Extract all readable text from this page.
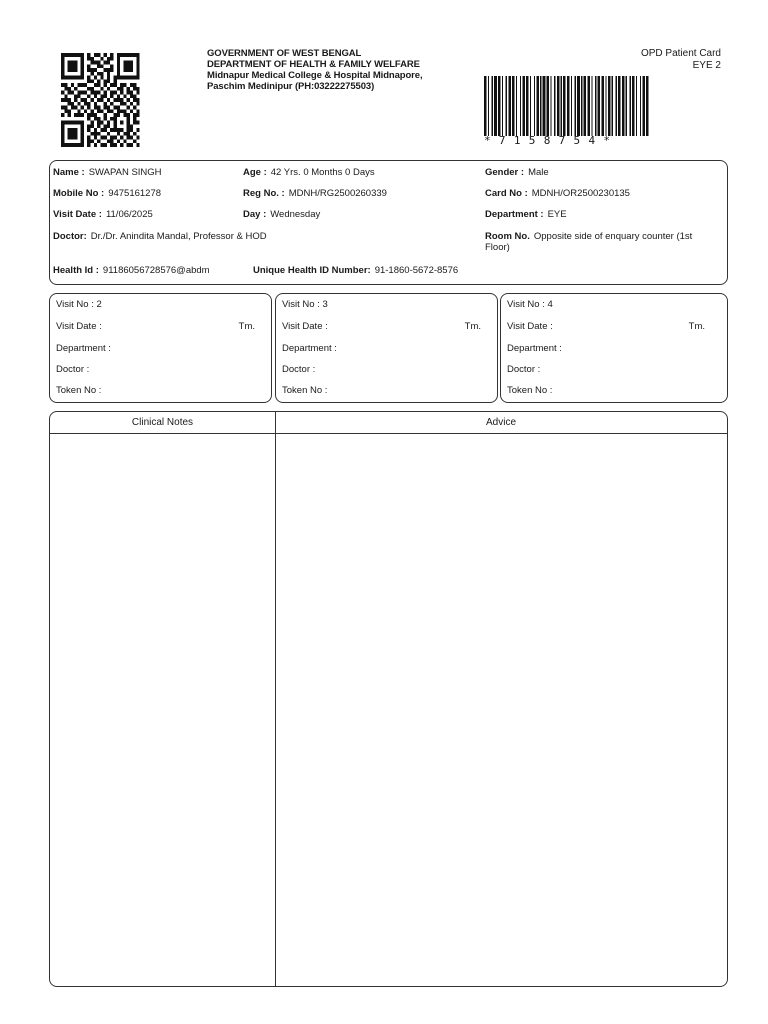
GOVERNMENT OF WEST BENGAL
DEPARTMENT OF HEALTH & FAMILY WELFARE
Midnapur Medical College & Hospital Midnapore,
Paschim Medinipur (PH:03222275503)
OPD Patient Card
EYE 2
*7158754*
Name : SWAPAN SINGH	Age : 42 Yrs. 0 Months 0 Days	Gender : Male
Mobile No : 9475161278	Reg No. : MDNH/RG2500260339	Card No : MDNH/OR2500230135
Visit Date : 11/06/2025	Day : Wednesday	Department : EYE
Doctor: Dr./Dr. Anindita Mandal, Professor & HOD	Room No. Opposite side of enquary counter (1st Floor)
Health Id : 91186056728576@abdm	Unique Health ID Number: 91-1860-5672-8576
Visit No : 2
Visit Date :	Tm.
Department :
Doctor :
Token No :
Visit No : 3
Visit Date :	Tm.
Department :
Doctor :
Token No :
Visit No : 4
Visit Date :	Tm.
Department :
Doctor :
Token No :
Clinical Notes	Advice
